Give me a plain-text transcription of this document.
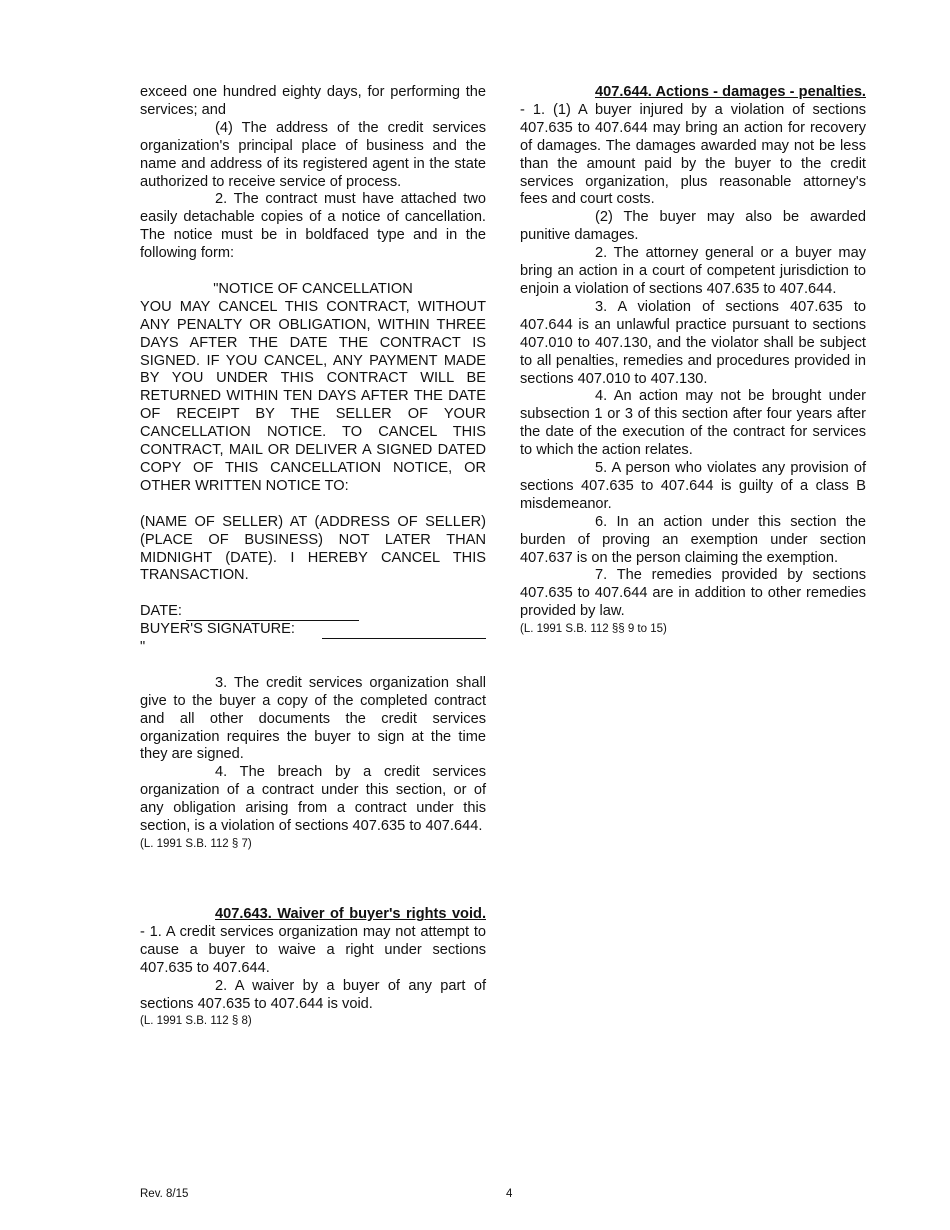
exceed one hundred eighty days, for performing the services; and

(4) The address of the credit services organization's principal place of business and the name and address of its registered agent in the state authorized to receive service of process.

2. The contract must have attached two easily detachable copies of a notice of cancellation. The notice must be in boldfaced type and in the following form:

"NOTICE OF CANCELLATION

YOU MAY CANCEL THIS CONTRACT, WITHOUT ANY PENALTY OR OBLIGATION, WITHIN THREE DAYS AFTER THE DATE THE CONTRACT IS SIGNED. IF YOU CANCEL, ANY PAYMENT MADE BY YOU UNDER THIS CONTRACT WILL BE RETURNED WITHIN TEN DAYS AFTER THE DATE OF RECEIPT BY THE SELLER OF YOUR CANCELLATION NOTICE. TO CANCEL THIS CONTRACT, MAIL OR DELIVER A SIGNED DATED COPY OF THIS CANCELLATION NOTICE, OR OTHER WRITTEN NOTICE TO:

(NAME OF SELLER) AT (ADDRESS OF SELLER) (PLACE OF BUSINESS) NOT LATER THAN MIDNIGHT (DATE). I HEREBY CANCEL THIS TRANSACTION.

DATE:
BUYER'S SIGNATURE:

"

3. The credit services organization shall give to the buyer a copy of the completed contract and all other documents the credit services organization requires the buyer to sign at the time they are signed.

4. The breach by a credit services organization of a contract under this section, or of any obligation arising from a contract under this section, is a violation of sections 407.635 to 407.644.

(L. 1991 S.B. 112 § 7)

407.643. Waiver of buyer's rights void. - 1. A credit services organization may not attempt to cause a buyer to waive a right under sections 407.635 to 407.644.

2. A waiver by a buyer of any part of sections 407.635 to 407.644 is void.

(L. 1991 S.B. 112 § 8)

407.644. Actions - damages - penalties. - 1. (1) A buyer injured by a violation of sections 407.635 to 407.644 may bring an action for recovery of damages. The damages awarded may not be less than the amount paid by the buyer to the credit services organization, plus reasonable attorney's fees and court costs.

(2) The buyer may also be awarded punitive damages.

2. The attorney general or a buyer may bring an action in a court of competent jurisdiction to enjoin a violation of sections 407.635 to 407.644.

3. A violation of sections 407.635 to 407.644 is an unlawful practice pursuant to sections 407.010 to 407.130, and the violator shall be subject to all penalties, remedies and procedures provided in sections 407.010 to 407.130.

4. An action may not be brought under subsection 1 or 3 of this section after four years after the date of the execution of the contract for services to which the action relates.

5. A person who violates any provision of sections 407.635 to 407.644 is guilty of a class B misdemeanor.

6. In an action under this section the burden of proving an exemption under section 407.637 is on the person claiming the exemption.

7. The remedies provided by sections 407.635 to 407.644 are in addition to other remedies provided by law.

(L. 1991 S.B. 112 §§ 9 to 15)

Rev. 8/15	4
